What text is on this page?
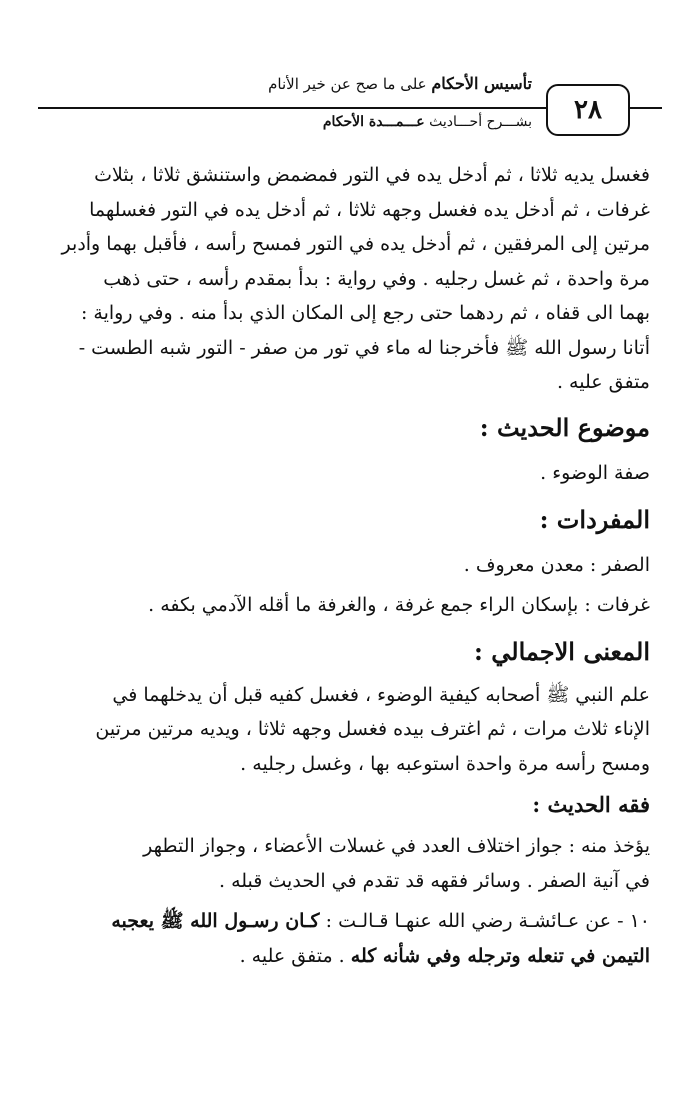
٢٨
تأسيس الأحكام على ما صح عن خير الأنام
بشـــرح أحـــاديث عـــمـــدة الأحكام

فغسل يديه ثلاثا ، ثم أدخل يده في التور فمضمض واستنشق ثلاثا ، بثلاث
غرفات ، ثم أدخل يده فغسل وجهه ثلاثا ، ثم أدخل يده في التور فغسلهما
مرتين إلى المرفقين ، ثم أدخل يده في التور فمسح رأسه ، فأقبل بهما وأدبر
مرة واحدة ، ثم غسل رجليه . وفي رواية : بدأ بمقدم رأسه ، حتى ذهب
بهما الى قفاه ، ثم ردهما حتى رجع إلى المكان الذي بدأ منه . وفي رواية :
أتانا رسول الله ﷺ فأخرجنا له ماء في تور من صفر - التور شبه الطست -
متفق عليه .

موضوع الحديث :
صفة الوضوء .
المفردات :
الصفر : معدن معروف .
غرفات : بإسكان الراء جمع غرفة ، والغرفة ما أقله الآدمي بكفه .
المعنى الاجمالي :

علم النبي ﷺ أصحابه كيفية الوضوء ، فغسل كفيه قبل أن يدخلهما في
الإناء ثلاث مرات ، ثم اغترف بيده فغسل وجهه ثلاثا ، ويديه مرتين مرتين
ومسح رأسه مرة واحدة استوعبه بها ، وغسل رجليه .

فقه الحديث :

يؤخذ منه : جواز اختلاف العدد في غسلات الأعضاء ، وجواز التطهر
في آنية الصفر . وسائر فقهه قد تقدم في الحديث قبله .

١٠ - عن عـائشـة رضي الله عنهـا قـالـت : كـان رسـول الله ﷺ يعجبه
التيمن في تنعله وترجله وفي شأنه كله . متفق عليه .
